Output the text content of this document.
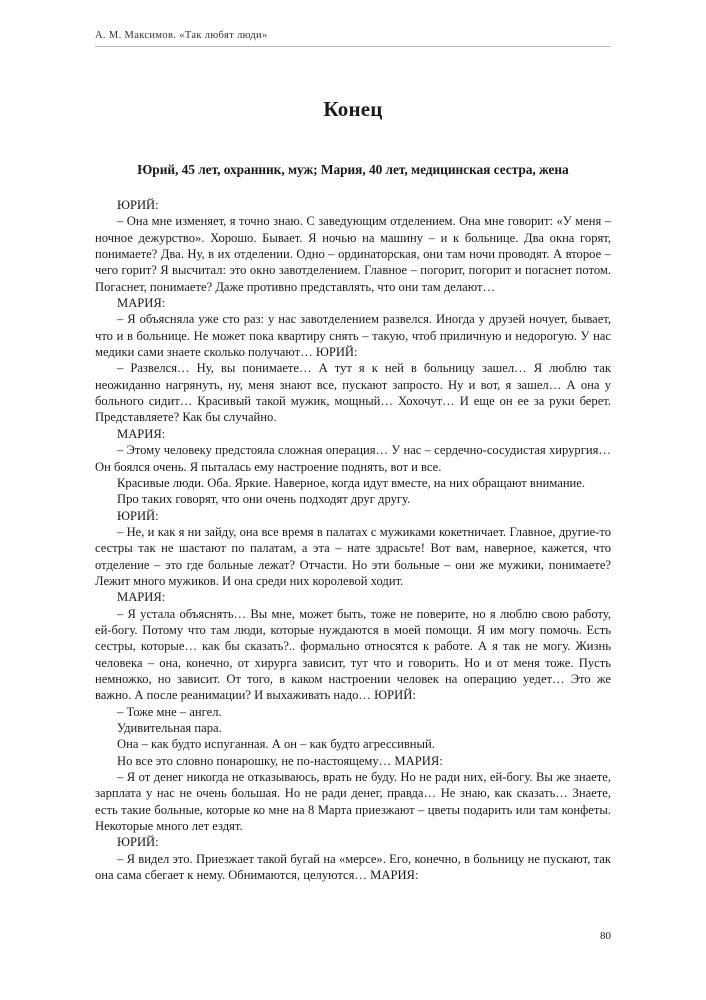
А. М. Максимов. «Так любят люди»
Конец

Юрий, 45 лет, охранник, муж; Мария, 40 лет, медицинская сестра, жена

ЮРИЙ:

– Она мне изменяет, я точно знаю. С заведующим отделением. Она мне говорит: «У меня – ночное дежурство». Хорошо. Бывает. Я ночью на машину – и к больнице. Два окна горят, понимаете? Два. Ну, в их отделении. Одно – ординаторская, они там ночи проводят. А второе – чего горит? Я высчитал: это окно завотделением. Главное – погорит, погорит и погаснет потом. Погаснет, понимаете? Даже противно представлять, что они там делают…

МАРИЯ:

– Я объясняла уже сто раз: у нас завотделением развелся. Иногда у друзей ночует, бывает, что и в больнице. Не может пока квартиру снять – такую, чтоб приличную и недорогую. У нас медики сами знаете сколько получают… ЮРИЙ:

– Развелся… Ну, вы понимаете… А тут я к ней в больницу зашел… Я люблю так неожиданно нагрянуть, ну, меня знают все, пускают запросто. Ну и вот, я зашел… А она у больного сидит… Красивый такой мужик, мощный… Хохочут… И еще он ее за руки берет. Представляете? Как бы случайно.

МАРИЯ:

– Этому человеку предстояла сложная операция… У нас – сердечно-сосудистая хирургия… Он боялся очень. Я пыталась ему настроение поднять, вот и все.

Красивые люди. Оба. Яркие. Наверное, когда идут вместе, на них обращают внимание.

Про таких говорят, что они очень подходят друг другу.

ЮРИЙ:

– Не, и как я ни зайду, она все время в палатах с мужиками кокетничает. Главное, другие-то сестры так не шастают по палатам, а эта – нате здрасьте! Вот вам, наверное, кажется, что отделение – это где больные лежат? Отчасти. Но эти больные – они же мужики, понимаете? Лежит много мужиков. И она среди них королевой ходит.

МАРИЯ:

– Я устала объяснять… Вы мне, может быть, тоже не поверите, но я люблю свою работу, ей-богу. Потому что там люди, которые нуждаются в моей помощи. Я им могу помочь. Есть сестры, которые… как бы сказать?.. формально относятся к работе. А я так не могу. Жизнь человека – она, конечно, от хирурга зависит, тут что и говорить. Но и от меня тоже. Пусть немножко, но зависит. От того, в каком настроении человек на операцию уедет… Это же важно. А после реанимации? И выхаживать надо… ЮРИЙ:

– Тоже мне – ангел.

Удивительная пара.

Она – как будто испуганная. А он – как будто агрессивный.

Но все это словно понарошку, не по-настоящему… МАРИЯ:

– Я от денег никогда не отказываюсь, врать не буду. Но не ради них, ей-богу. Вы же знаете, зарплата у нас не очень большая. Но не ради денег, правда… Не знаю, как сказать… Знаете, есть такие больные, которые ко мне на 8 Марта приезжают – цветы подарить или там конфеты. Некоторые много лет ездят.

ЮРИЙ:

– Я видел это. Приезжает такой бугай на «мерсе». Его, конечно, в больницу не пускают, так она сама сбегает к нему. Обнимаются, целуются… МАРИЯ:

80
